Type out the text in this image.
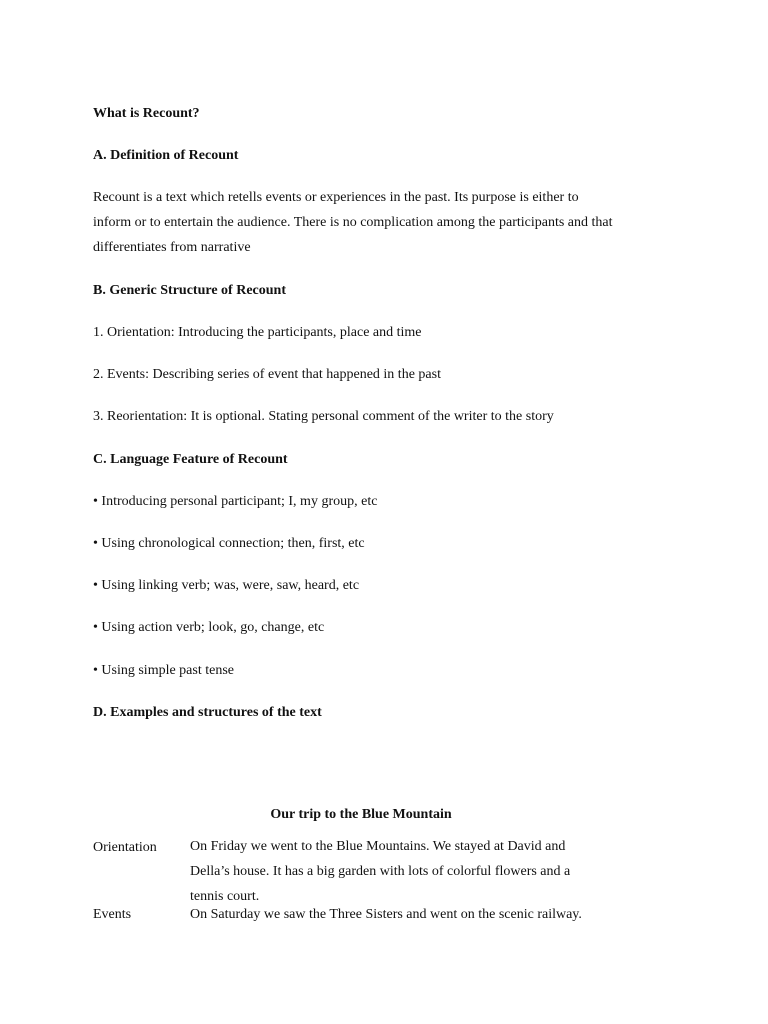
What is Recount?
A. Definition of Recount
Recount is a text which retells events or experiences in the past. Its purpose is either to
inform or to entertain the audience. There is no complication among the participants and that
differentiates from narrative
B. Generic Structure of Recount
1. Orientation: Introducing the participants, place and time
2. Events: Describing series of event that happened in the past
3. Reorientation: It is optional. Stating personal comment of the writer to the story
C. Language Feature of Recount
• Introducing personal participant; I, my group, etc
• Using chronological connection; then, first, etc
• Using linking verb; was, were, saw, heard, etc
• Using action verb; look, go, change, etc
• Using simple past tense
D. Examples and structures of the text
Our trip to the Blue Mountain
Orientation On Friday we went to the Blue Mountains. We stayed at David and
Della’s house. It has a big garden with lots of colorful flowers and a
tennis court.
Events	On Saturday we saw the Three Sisters and went on the scenic railway.
